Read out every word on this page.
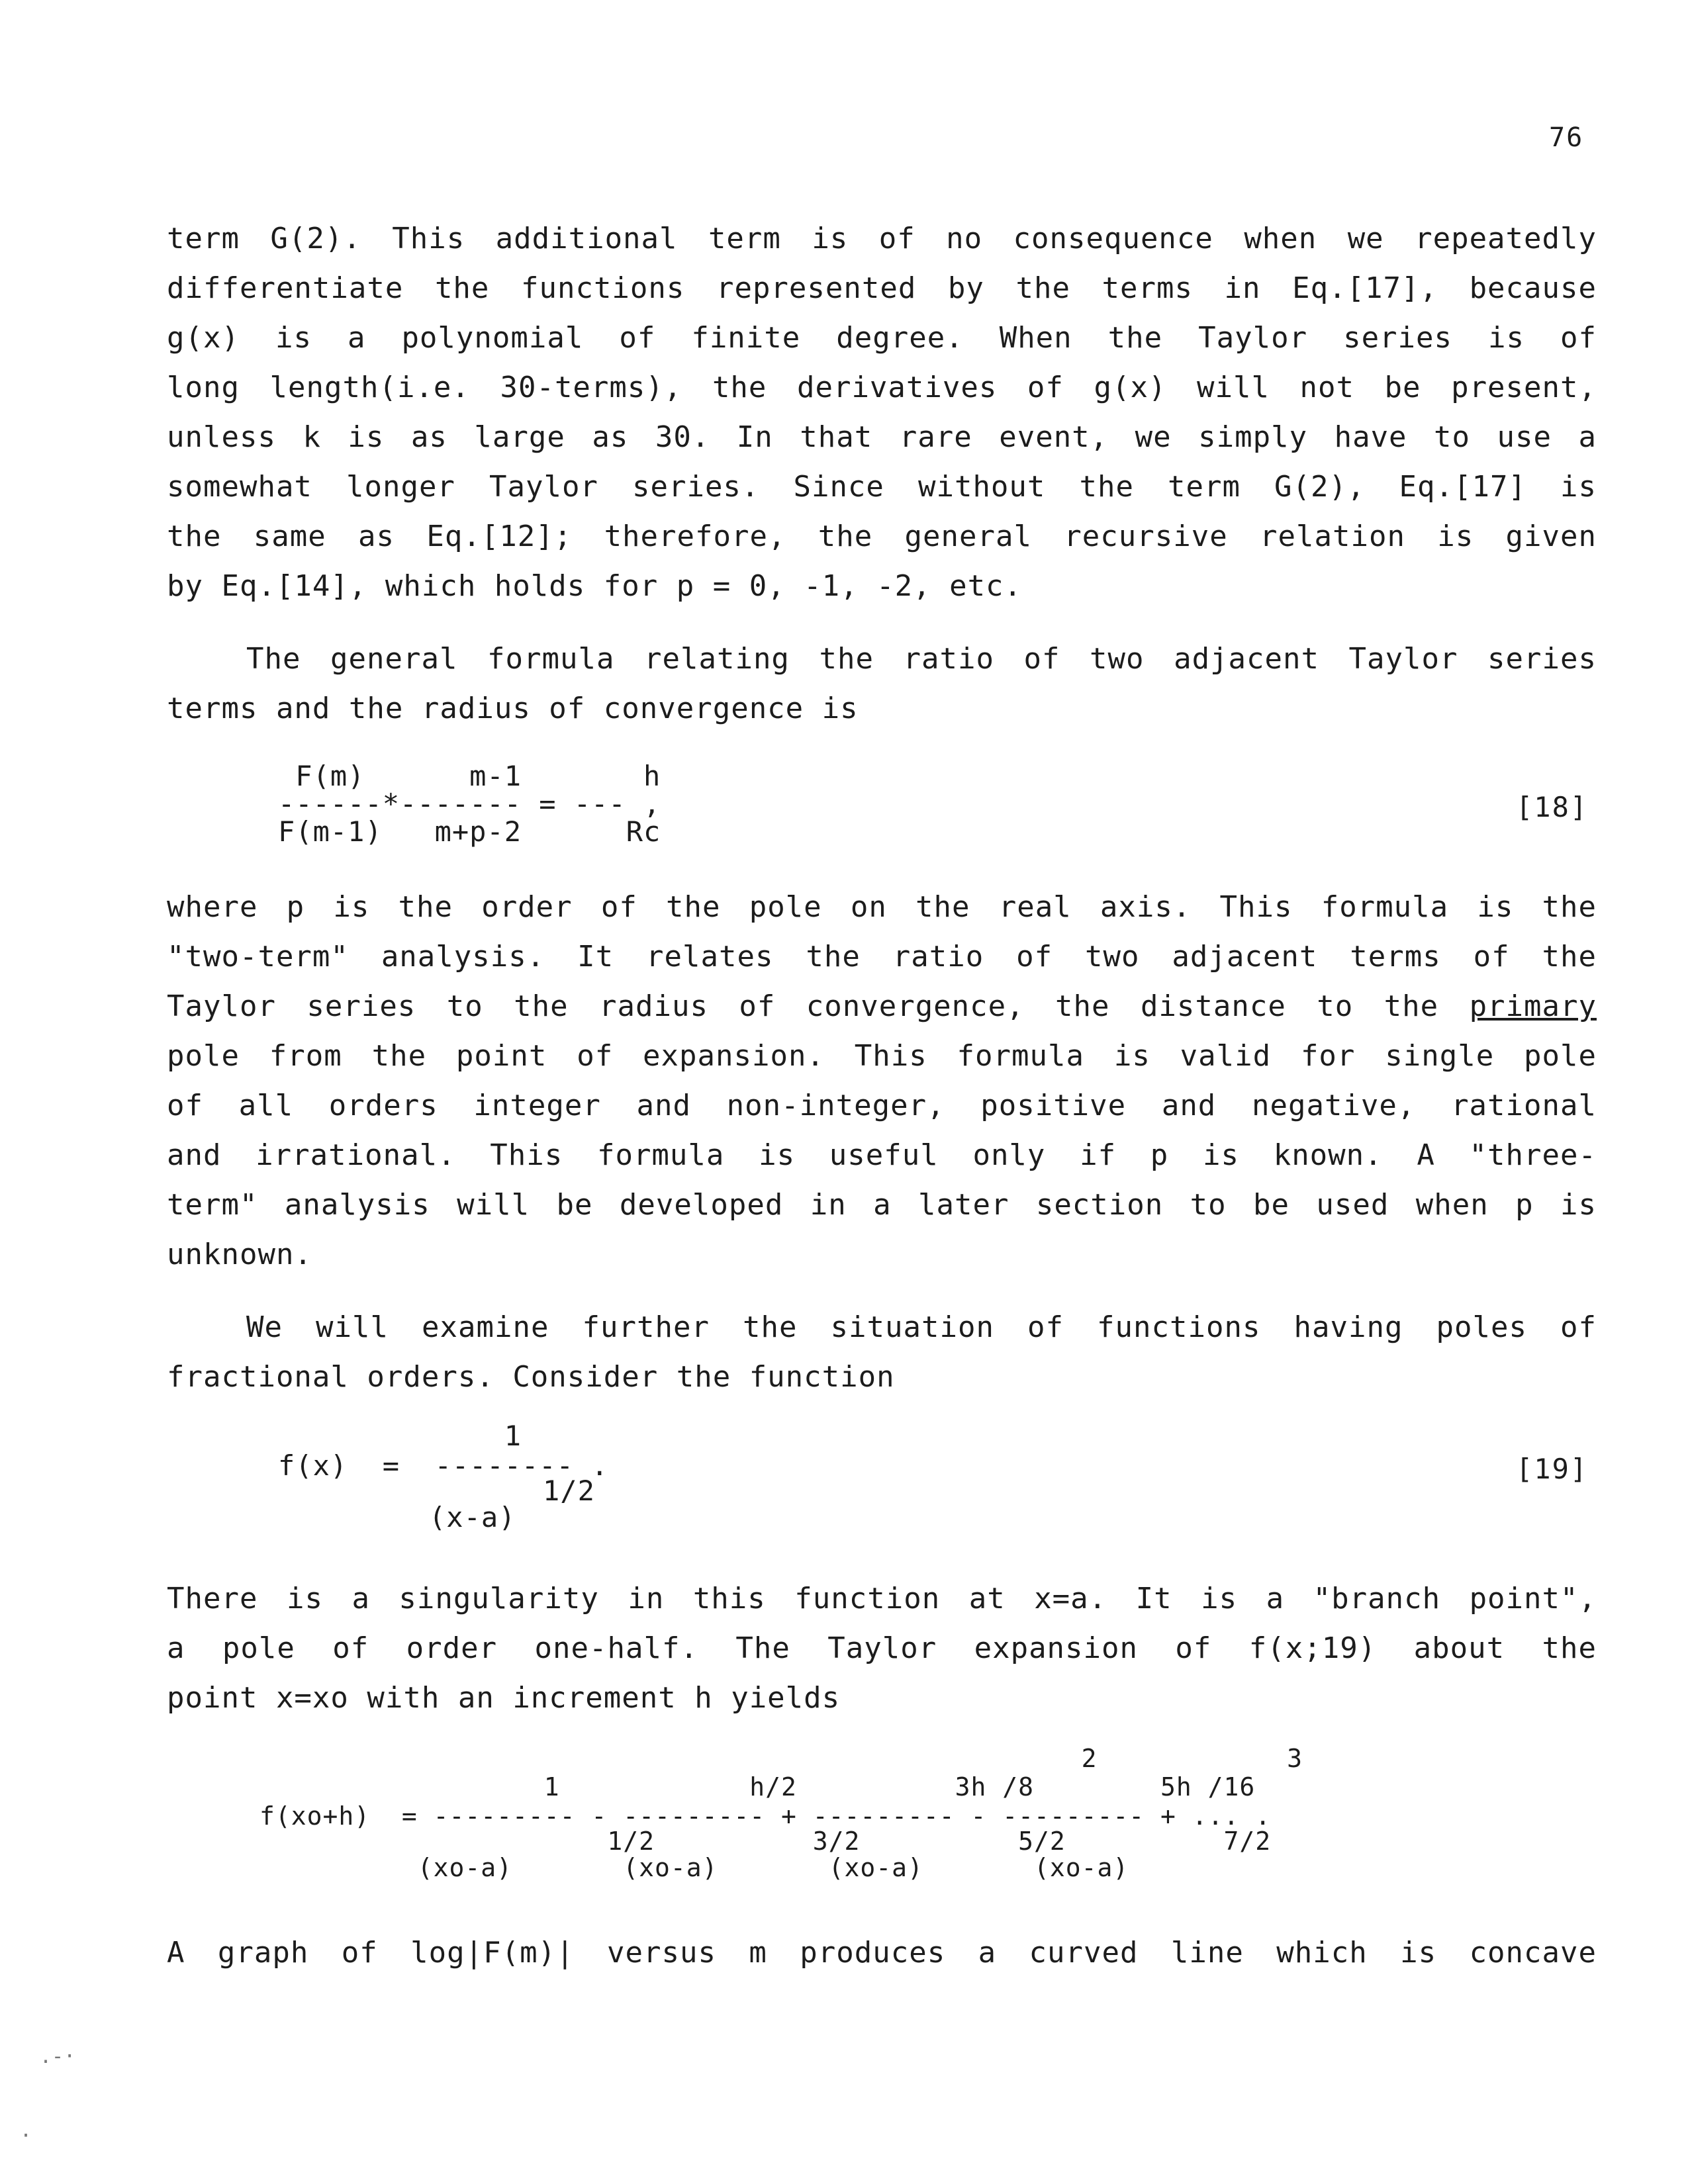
76
term G(2). This additional term is of no consequence when we repeatedly
differentiate the functions represented by the terms in Eq.[17], because
g(x) is a polynomial of finite degree. When the Taylor series is of
long length(i.e. 30-terms), the derivatives of g(x) will not be present,
unless k is as large as 30. In that rare event, we simply have to use a
somewhat longer Taylor series. Since without the term G(2), Eq.[17] is
the same as Eq.[12]; therefore, the general recursive relation is given
by Eq.[14], which holds for p = 0, -1, -2, etc.
The general formula relating the ratio of two adjacent Taylor series
terms and the radius of convergence is
F(m)      m-1       h
------*------- = --- ,
F(m-1)   m+p-2      Rc
[18]
where p is the order of the pole on the real axis. This formula is the
"two-term" analysis. It relates the ratio of two adjacent terms of the
Taylor series to the radius of convergence, the distance to the primary
pole from the point of expansion. This formula is valid for single pole
of all orders integer and non-integer, positive and negative, rational
and irrational. This formula is useful only if p is known. A "three-
term" analysis will be developed in a later section to be used when p is
unknown.
We will examine further the situation of functions having poles of
fractional orders. Consider the function
1
f(x)  =  -------- .
1/2
(x-a)
[19]
There is a singularity in this function at x=a. It is a "branch point",
a pole of order one-half. The Taylor expansion of f(x;19) about the
point x=xo with an increment h yields
2            3
1            h/2          3h /8        5h /16
f(xo+h)  = --------- - --------- + --------- - --------- + ... .
1/2          3/2          5/2          7/2
(xo-a)       (xo-a)       (xo-a)       (xo-a)
A graph of log|F(m)| versus m produces a curved line which is concave
.-·
·
